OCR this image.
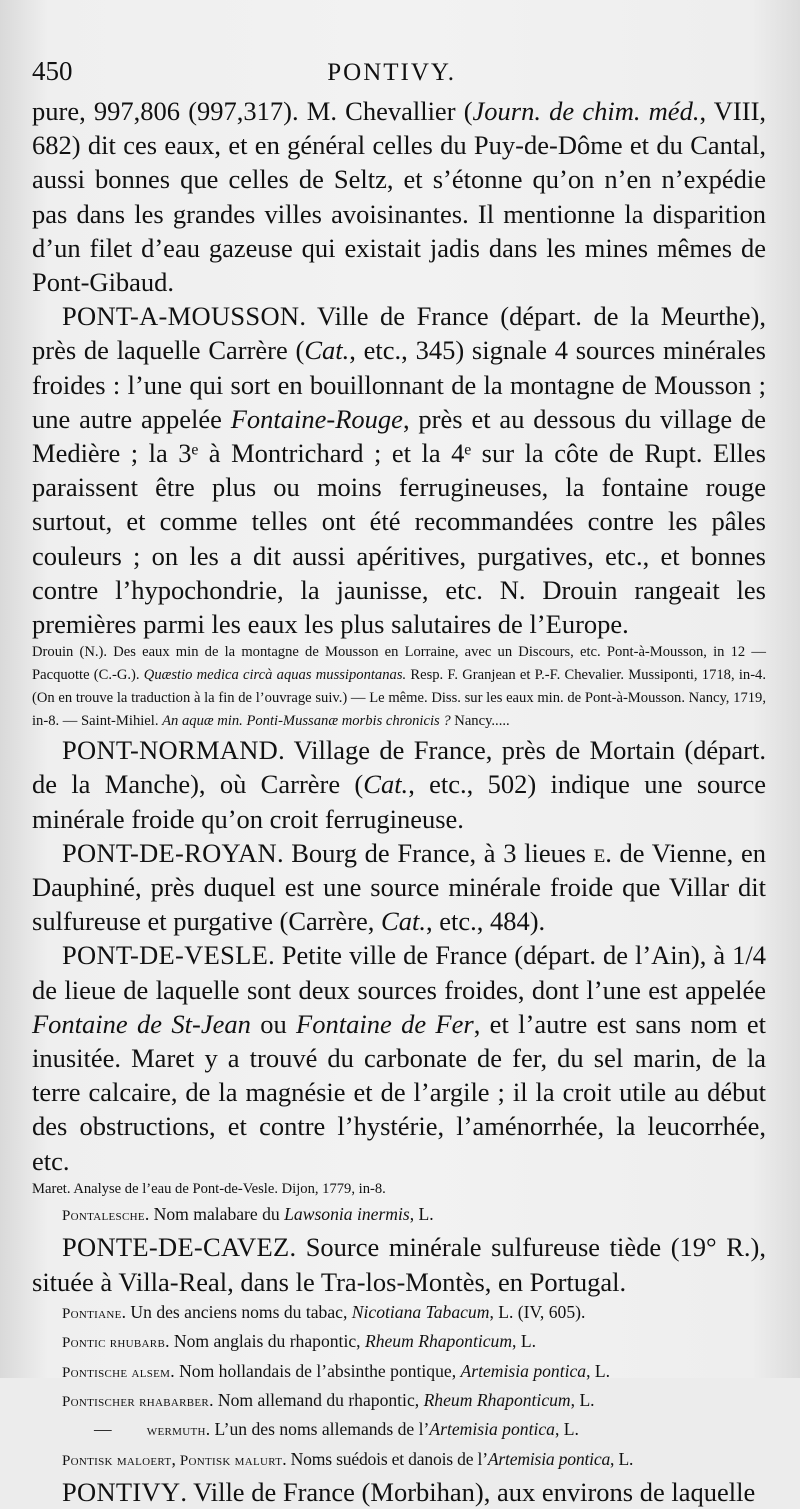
450	PONTIVY.

pure, 997,806 (997,317). M. Chevallier (Journ. de chim. méd., VIII, 682) dit ces eaux, et en général celles du Puy-de-Dôme et du Cantal, aussi bonnes que celles de Seltz, et s’étonne qu’on n’en n’expédie pas dans les grandes villes avoisinantes. Il mentionne la disparition d’un filet d’eau gazeuse qui existait jadis dans les mines mêmes de Pont-Gibaud.

PONT-A-MOUSSON. Ville de France (départ. de la Meurthe), près de laquelle Carrère (Cat., etc., 345) signale 4 sources minérales froides : l’une qui sort en bouillonnant de la montagne de Mousson ; une autre appelée Fontaine-Rouge, près et au dessous du village de Medière ; la 3ᵉ à Montrichard ; et la 4ᵉ sur la côte de Rupt. Elles paraissent être plus ou moins ferrugineuses, la fontaine rouge surtout, et comme telles ont été recommandées contre les pâles couleurs ; on les a dit aussi apéritives, purgatives, etc., et bonnes contre l’hypochondrie, la jaunisse, etc. N. Drouin rangeait les premières parmi les eaux les plus salutaires de l’Europe.

Drouin (N.). Des eaux min de la montagne de Mousson en Lorraine, avec un Discours, etc. Pont-à-Mousson, in 12 — Pacquotte (C.-G.). Quæstio medica circà aquas mussipontanas. Resp. F. Granjean et P.-F. Chevalier. Mussiponti, 1718, in-4. (On en trouve la traduction à la fin de l’ouvrage suiv.) — Le même. Diss. sur les eaux min. de Pont-à-Mousson. Nancy, 1719, in-8. — Saint-Mihiel. An aquæ min. Ponti-Mussanæ morbis chronicis ? Nancy.....

PONT-NORMAND. Village de France, près de Mortain (départ. de la Manche), où Carrère (Cat., etc., 502) indique une source minérale froide qu’on croit ferrugineuse.

PONT-DE-ROYAN. Bourg de France, à 3 lieues e. de Vienne, en Dauphiné, près duquel est une source minérale froide que Villar dit sulfureuse et purgative (Carrère, Cat., etc., 484).

PONT-DE-VESLE. Petite ville de France (départ. de l’Ain), à 1/4 de lieue de laquelle sont deux sources froides, dont l’une est appelée Fontaine de St-Jean ou Fontaine de Fer, et l’autre est sans nom et inusitée. Maret y a trouvé du carbonate de fer, du sel marin, de la terre calcaire, de la magnésie et de l’argile ; il la croit utile au début des obstructions, et contre l’hystérie, l’aménorrhée, la leucorrhée, etc.

Maret. Analyse de l’eau de Pont-de-Vesle. Dijon, 1779, in-8.

Pontalesche. Nom malabare du Lawsonia inermis, L.

PONTE-DE-CAVEZ. Source minérale sulfureuse tiède (19° R.), située à Villa-Real, dans le Tra-los-Montès, en Portugal.

Pontiane. Un des anciens noms du tabac, Nicotiana Tabacum, L. (IV, 605).

Pontic rhubarb. Nom anglais du rhapontic, Rheum Rhaponticum, L.

Pontische alsem. Nom hollandais de l’absinthe pontique, Artemisia pontica, L.

Pontischer rhabarber. Nom allemand du rhapontic, Rheum Rhaponticum, L.

— wermuth. L’un des noms allemands de l’Artemisia pontica, L.

Pontisk maloert, Pontisk malurt. Noms suédois et danois de l’Artemisia pontica, L.

PONTIVY. Ville de France (Morbihan), aux environs de laquelle
